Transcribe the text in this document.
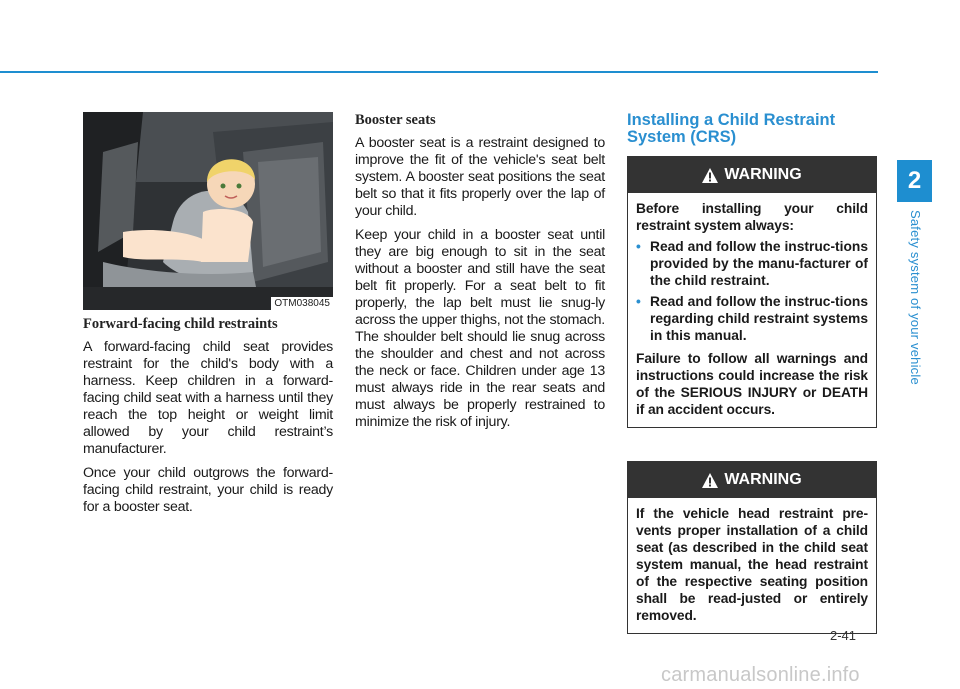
OTM038045
Forward-facing child restraints

A forward-facing child seat provides restraint for the child's body with a harness. Keep children in a forward-facing child seat with a harness until they reach the top height or weight limit allowed by your child restraint’s manufacturer.

Once your child outgrows the forward-facing child restraint, your child is ready for a booster seat.

Booster seats

A booster seat is a restraint designed to improve the fit of the vehicle's seat belt system. A booster seat positions the seat belt so that it fits properly over the lap of your child.

Keep your child in a booster seat until they are big enough to sit in the seat without a booster and still have the seat belt fit properly. For a seat belt to fit properly, the lap belt must lie snug-ly across the upper thighs, not the stomach. The shoulder belt should lie snug across the shoulder and chest and not across the neck or face. Children under age 13 must always ride in the rear seats and must always be properly restrained to minimize the risk of injury.

Installing a Child Restraint System (CRS)
WARNING

Before installing your child restraint system always:

• Read and follow the instruc-tions provided by the manu-facturer of the child restraint.
• Read and follow the instruc-tions regarding child restraint systems in this manual.

Failure to follow all warnings and instructions could increase the risk of the SERIOUS INJURY or DEATH if an accident occurs.

WARNING

If the vehicle head restraint pre-vents proper installation of a child seat (as described in the child seat system manual, the head restraint of the respective seating position shall be read-justed or entirely removed.

2
Safety system of your vehicle
2-41
carmanualsonline.info
